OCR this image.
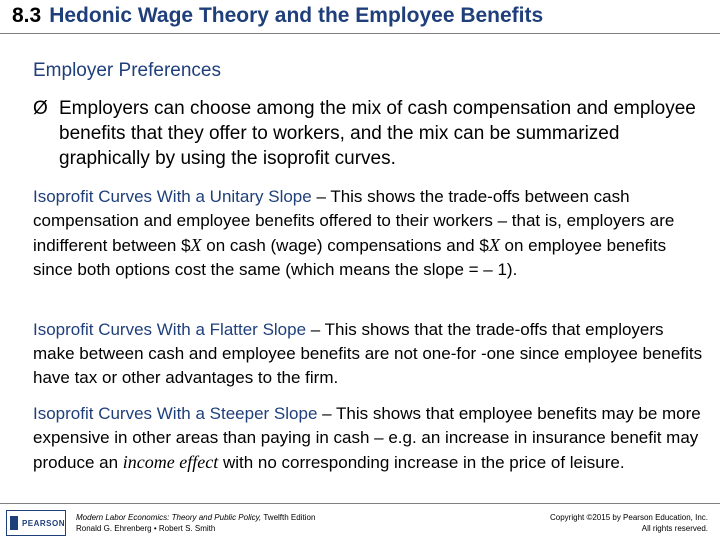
8.3 Hedonic Wage Theory and the Employee Benefits
Employer Preferences
Ø Employers can choose among the mix of cash compensation and employee benefits that they offer to workers, and the mix can be summarized graphically by using the isoprofit curves.
Isoprofit Curves With a Unitary Slope – This shows the trade-offs between cash compensation and employee benefits offered to their workers – that is, employers are indifferent between $X on cash (wage) compensations and $X on employee benefits since both options cost the same (which means the slope = – 1).
Isoprofit Curves With a Flatter Slope – This shows that the trade-offs that employers make between cash and employee benefits are not one-for -one since employee benefits have tax or other advantages to the firm.
Isoprofit Curves With a Steeper Slope – This shows that employee benefits may be more expensive in other areas than paying in cash – e.g. an increase in insurance benefit may produce an income effect with no corresponding increase in the price of leisure.
PEARSON
Modern Labor Economics: Theory and Public Policy, Twelfth Edition
Ronald G. Ehrenberg • Robert S. Smith
Copyright ©2015 by Pearson Education, Inc.
All rights reserved.
